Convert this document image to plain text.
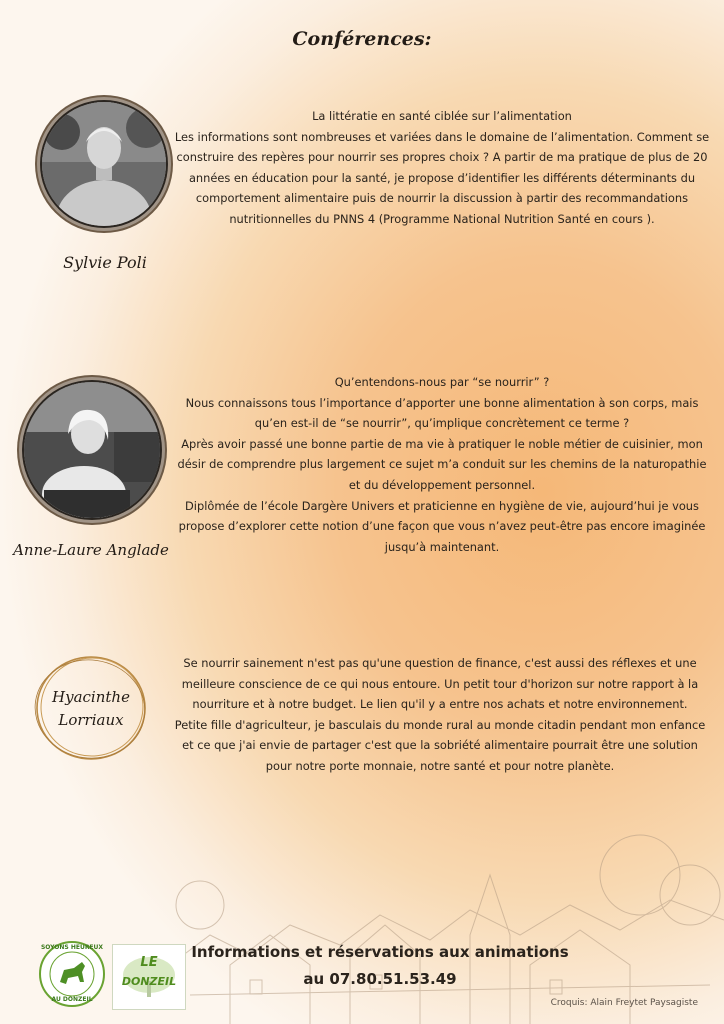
Conférences:
Sylvie Poli

La littératie en santé ciblée sur l’alimentation

Les informations sont nombreuses et variées dans le domaine de l’alimentation. Comment se construire des repères pour nourrir ses propres choix ? A partir de ma pratique de plus de 20 années en éducation pour la santé, je propose d’identifier les différents déterminants du comportement alimentaire puis de nourrir la discussion à partir des recommandations nutritionnelles du PNNS 4 (Programme National Nutrition Santé en cours ).

Anne-Laure Anglade

Qu’entendons-nous par “se nourrir” ?

Nous connaissons tous l’importance d’apporter une bonne alimentation à son corps, mais qu’en est-il de “se nourrir”, qu’implique concrètement ce terme ?

Après avoir passé une bonne partie de ma vie à pratiquer le noble métier de cuisinier, mon désir de comprendre plus largement ce sujet m’a conduit sur les chemins de la naturopathie et du développement personnel.

Diplômée de l’école Dargère Univers et praticienne en hygiène de vie, aujourd’hui je vous propose d’explorer cette notion d’une façon que vous n’avez peut-être pas encore imaginée jusqu’à maintenant.

Hyacinthe
Lorriaux

Se nourrir sainement n'est pas qu'une question de finance, c'est aussi des réflexes et une meilleure conscience de ce qui nous entoure. Un petit tour d'horizon sur notre rapport à la nourriture et à notre budget. Le lien qu'il y a entre nos achats et notre environnement.

Petite fille d'agriculteur, je basculais du monde rural au monde citadin pendant mon enfance et ce que j'ai envie de partager c'est que la sobriété alimentaire pourrait être une solution pour notre porte monnaie, notre santé et pour notre planète.

SOYONS HEUREUX
AU DONZEIL
LE
DONZEIL
Informations et réservations aux animations
au 07.80.51.53.49
Croquis: Alain Freytet Paysagiste
